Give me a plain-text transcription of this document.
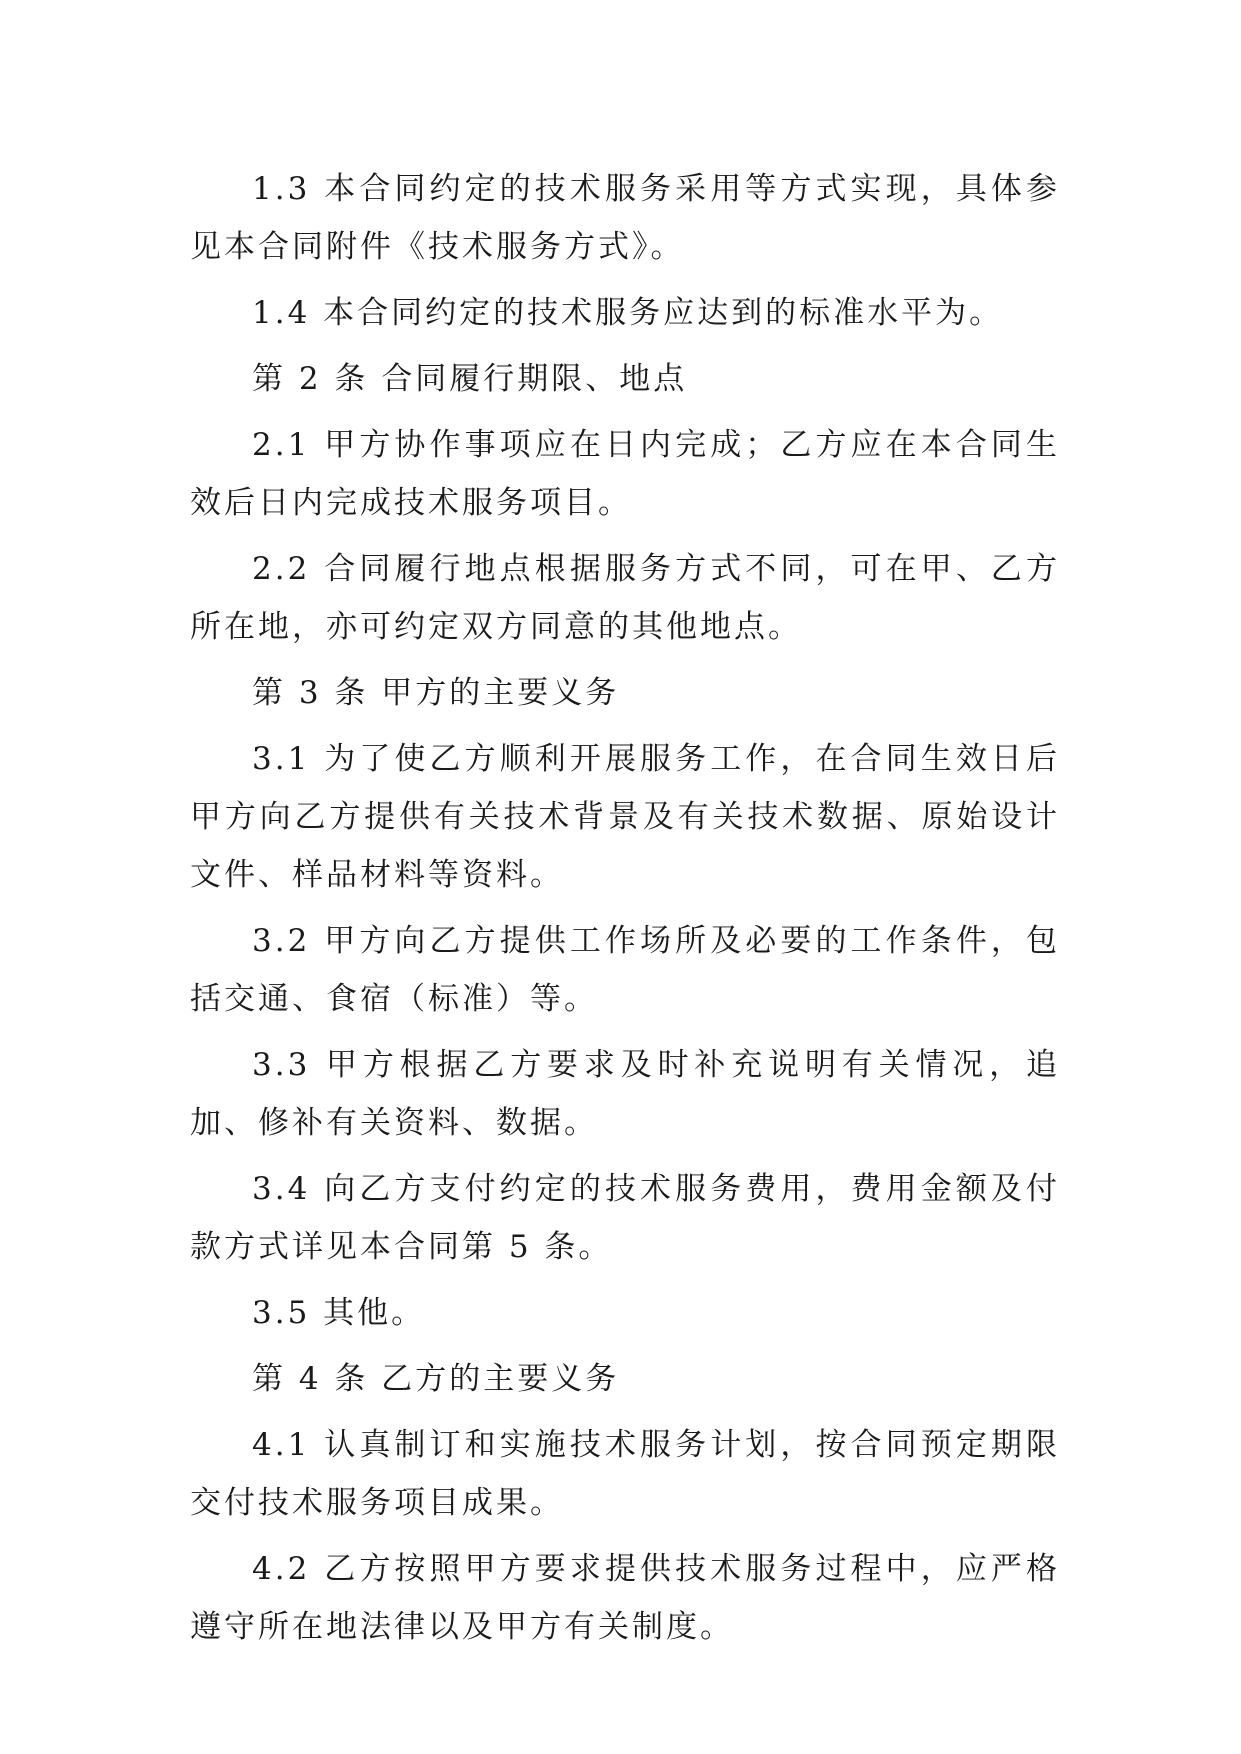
1.3 本合同约定的技术服务采用等方式实现，具体参见本合同附件《技术服务方式》。

1.4 本合同约定的技术服务应达到的标准水平为。

第 2 条 合同履行期限、地点

2.1 甲方协作事项应在日内完成；乙方应在本合同生效后日内完成技术服务项目。

2.2 合同履行地点根据服务方式不同，可在甲、乙方所在地，亦可约定双方同意的其他地点。

第 3 条 甲方的主要义务

3.1 为了使乙方顺利开展服务工作，在合同生效日后甲方向乙方提供有关技术背景及有关技术数据、原始设计文件、样品材料等资料。

3.2 甲方向乙方提供工作场所及必要的工作条件，包括交通、食宿（标准）等。

3.3 甲方根据乙方要求及时补充说明有关情况，追加、修补有关资料、数据。

3.4 向乙方支付约定的技术服务费用，费用金额及付款方式详见本合同第 5 条。

3.5 其他。

第 4 条 乙方的主要义务

4.1 认真制订和实施技术服务计划，按合同预定期限交付技术服务项目成果。

4.2 乙方按照甲方要求提供技术服务过程中，应严格遵守所在地法律以及甲方有关制度。
